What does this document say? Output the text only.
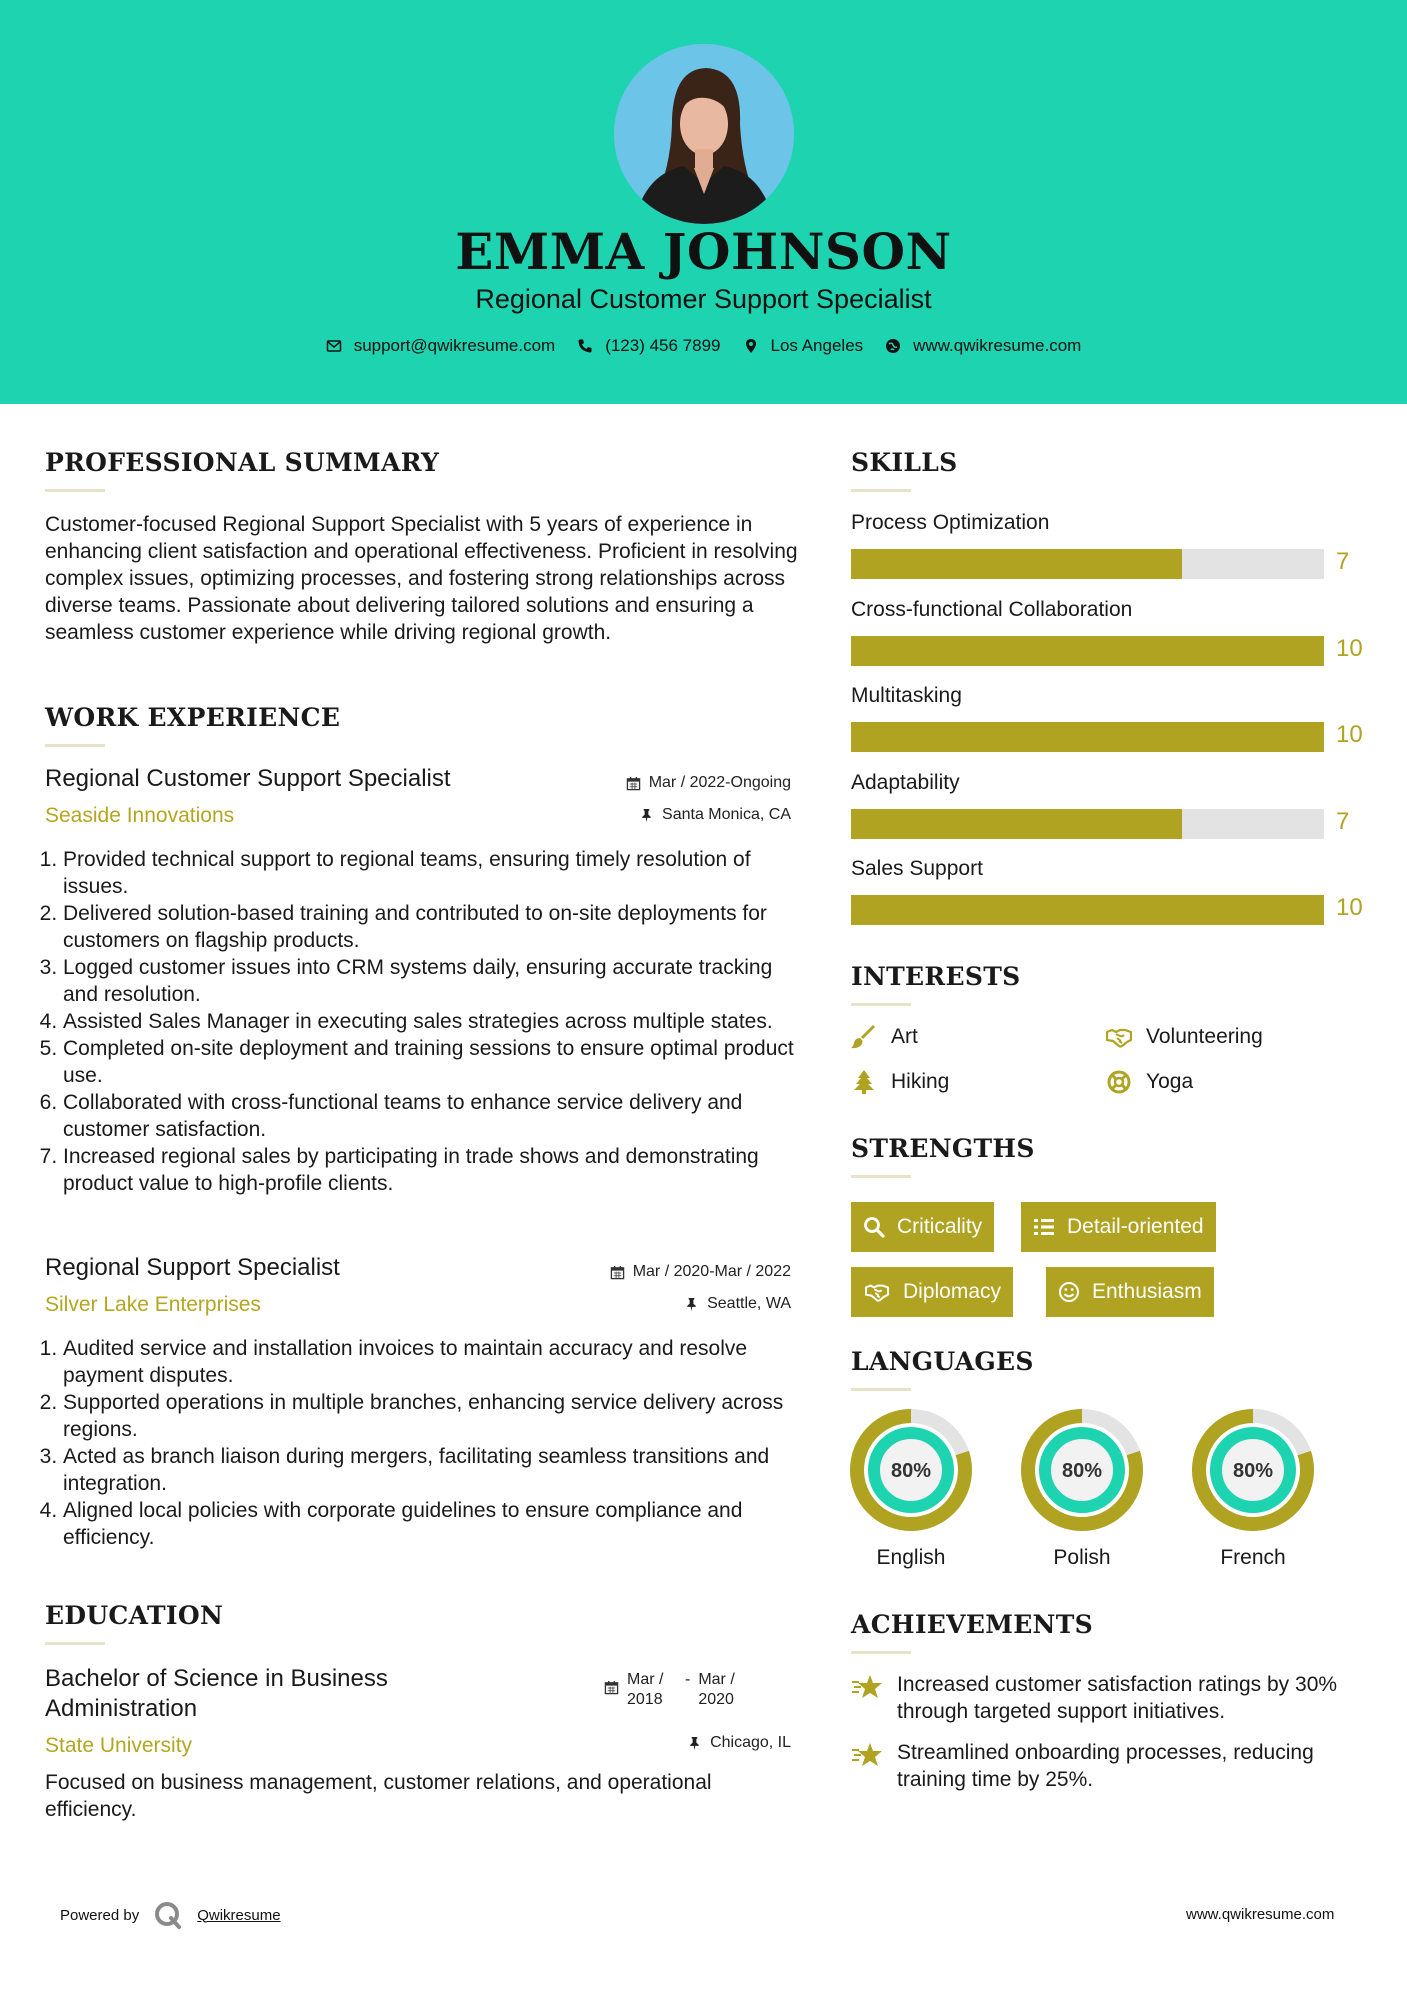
EMMA JOHNSON
Regional Customer Support Specialist
support@qwikresume.com	(123) 456 7899	Los Angeles	www.qwikresume.com
PROFESSIONAL SUMMARY
Customer-focused Regional Support Specialist with 5 years of experience in enhancing client satisfaction and operational effectiveness. Proficient in resolving complex issues, optimizing processes, and fostering strong relationships across diverse teams. Passionate about delivering tailored solutions and ensuring a seamless customer experience while driving regional growth.
WORK EXPERIENCE
Regional Customer Support Specialist
Seaside Innovations
Mar / 2022-Ongoing
Santa Monica, CA
1. Provided technical support to regional teams, ensuring timely resolution of issues.
2. Delivered solution-based training and contributed to on-site deployments for customers on flagship products.
3. Logged customer issues into CRM systems daily, ensuring accurate tracking and resolution.
4. Assisted Sales Manager in executing sales strategies across multiple states.
5. Completed on-site deployment and training sessions to ensure optimal product use.
6. Collaborated with cross-functional teams to enhance service delivery and customer satisfaction.
7. Increased regional sales by participating in trade shows and demonstrating product value to high-profile clients.
Regional Support Specialist
Silver Lake Enterprises
Mar / 2020-Mar / 2022
Seattle, WA
1. Audited service and installation invoices to maintain accuracy and resolve payment disputes.
2. Supported operations in multiple branches, enhancing service delivery across regions.
3. Acted as branch liaison during mergers, facilitating seamless transitions and integration.
4. Aligned local policies with corporate guidelines to ensure compliance and efficiency.
EDUCATION
Bachelor of Science in Business Administration
Mar / 2018
- Mar / 2020
State University	Chicago, IL
Focused on business management, customer relations, and operational efficiency.
SKILLS
Process Optimization
7
Cross-functional Collaboration
10
Multitasking
10
Adaptability
7
Sales Support
10
INTERESTS
Art	Volunteering
Hiking	Yoga
STRENGTHS
Criticality	Detail-oriented
Diplomacy	Enthusiasm
LANGUAGES
80%
English
80%
Polish
80%
French
ACHIEVEMENTS
Increased customer satisfaction ratings by 30% through targeted support initiatives.
Streamlined onboarding processes, reducing training time by 25%.
Powered by	Qwikresume	www.qwikresume.com
